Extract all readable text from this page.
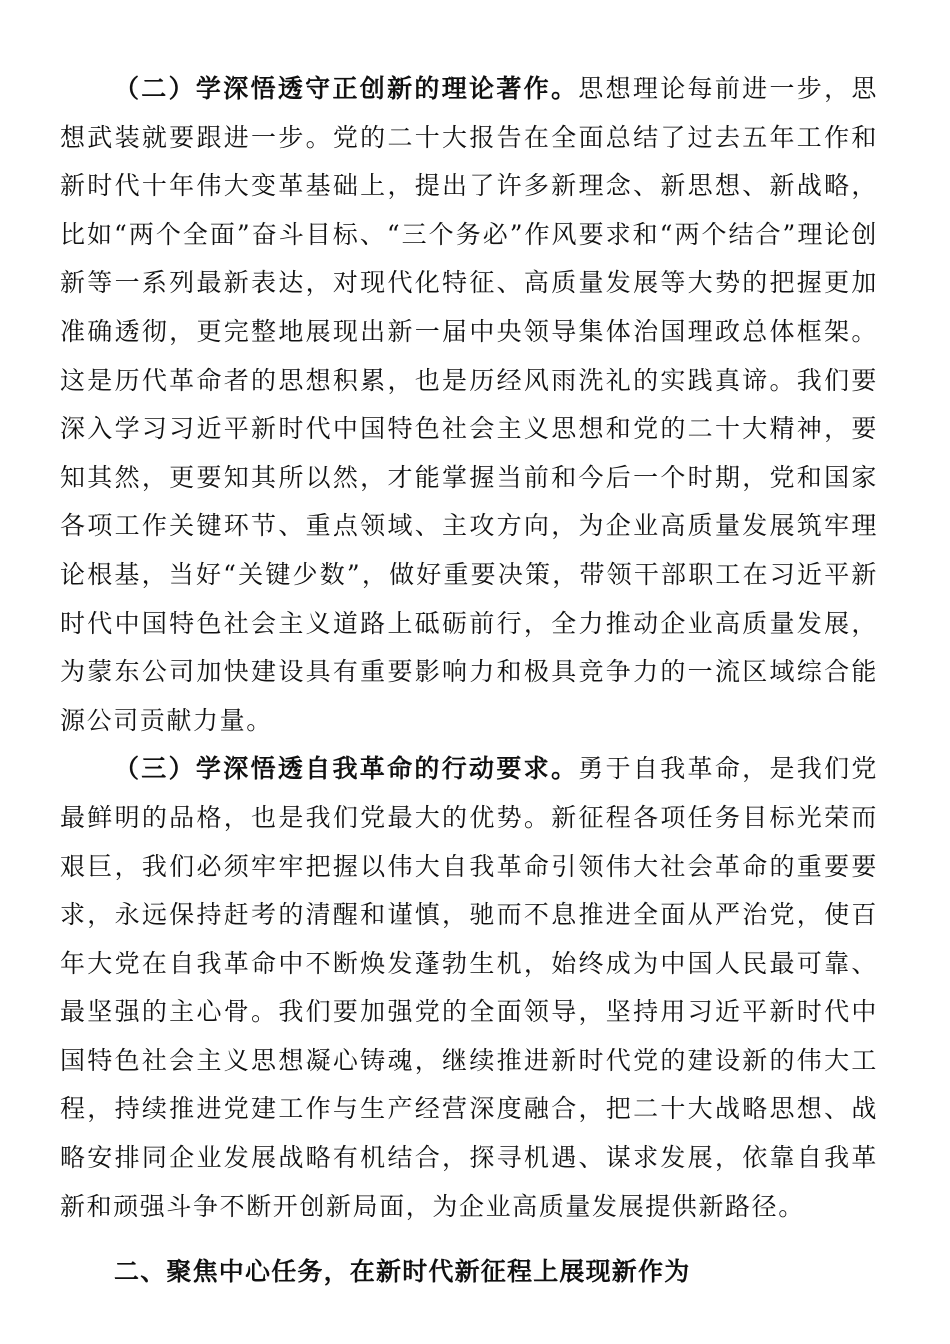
（二）学深悟透守正创新的理论著作。思想理论每前进一步，思想武装就要跟进一步。党的二十大报告在全面总结了过去五年工作和新时代十年伟大变革基础上，提出了许多新理念、新思想、新战略，比如“两个全面”奋斗目标、“三个务必”作风要求和“两个结合”理论创新等一系列最新表达，对现代化特征、高质量发展等大势的把握更加准确透彻，更完整地展现出新一届中央领导集体治国理政总体框架。这是历代革命者的思想积累，也是历经风雨洗礼的实践真谛。我们要深入学习习近平新时代中国特色社会主义思想和党的二十大精神，要知其然，更要知其所以然，才能掌握当前和今后一个时期，党和国家各项工作关键环节、重点领域、主攻方向，为企业高质量发展筑牢理论根基，当好“关键少数”，做好重要决策，带领干部职工在习近平新时代中国特色社会主义道路上砥砺前行，全力推动企业高质量发展，为蒙东公司加快建设具有重要影响力和极具竞争力的一流区域综合能源公司贡献力量。

（三）学深悟透自我革命的行动要求。勇于自我革命，是我们党最鲜明的品格，也是我们党最大的优势。新征程各项任务目标光荣而艰巨，我们必须牢牢把握以伟大自我革命引领伟大社会革命的重要要求，永远保持赶考的清醒和谨慎，驰而不息推进全面从严治党，使百年大党在自我革命中不断焕发蓬勃生机，始终成为中国人民最可靠、最坚强的主心骨。我们要加强党的全面领导，坚持用习近平新时代中国特色社会主义思想凝心铸魂，继续推进新时代党的建设新的伟大工程，持续推进党建工作与生产经营深度融合，把二十大战略思想、战略安排同企业发展战略有机结合，探寻机遇、谋求发展，依靠自我革新和顽强斗争不断开创新局面，为企业高质量发展提供新路径。

二、聚焦中心任务，在新时代新征程上展现新作为
